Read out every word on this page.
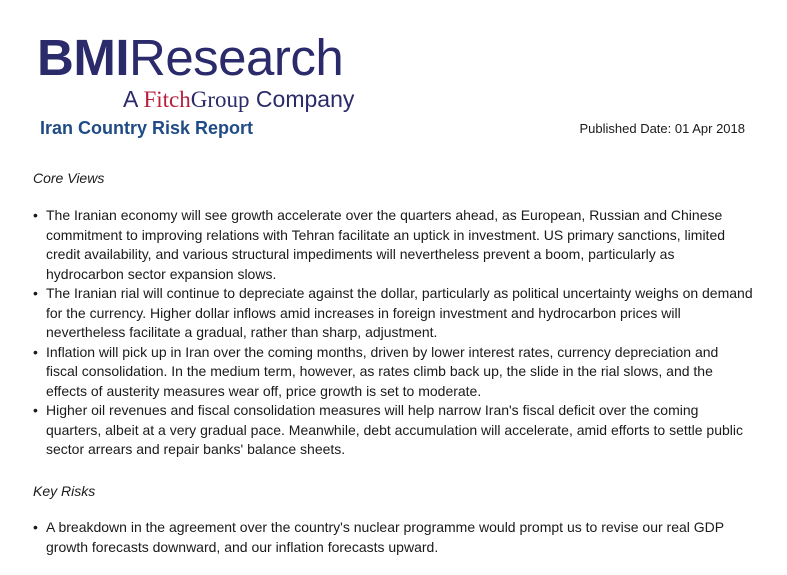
BMIResearch
A FitchGroup Company
Iran Country Risk Report	Published Date: 01 Apr 2018
Core Views
• The Iranian economy will see growth accelerate over the quarters ahead, as European, Russian and Chinese commitment to improving relations with Tehran facilitate an uptick in investment. US primary sanctions, limited credit availability, and various structural impediments will nevertheless prevent a boom, particularly as hydrocarbon sector expansion slows.
• The Iranian rial will continue to depreciate against the dollar, particularly as political uncertainty weighs on demand for the currency. Higher dollar inflows amid increases in foreign investment and hydrocarbon prices will nevertheless facilitate a gradual, rather than sharp, adjustment.
• Inflation will pick up in Iran over the coming months, driven by lower interest rates, currency depreciation and fiscal consolidation. In the medium term, however, as rates climb back up, the slide in the rial slows, and the effects of austerity measures wear off, price growth is set to moderate.
• Higher oil revenues and fiscal consolidation measures will help narrow Iran's fiscal deficit over the coming quarters, albeit at a very gradual pace. Meanwhile, debt accumulation will accelerate, amid efforts to settle public sector arrears and repair banks' balance sheets.
Key Risks
• A breakdown in the agreement over the country's nuclear programme would prompt us to revise our real GDP growth forecasts downward, and our inflation forecasts upward.
